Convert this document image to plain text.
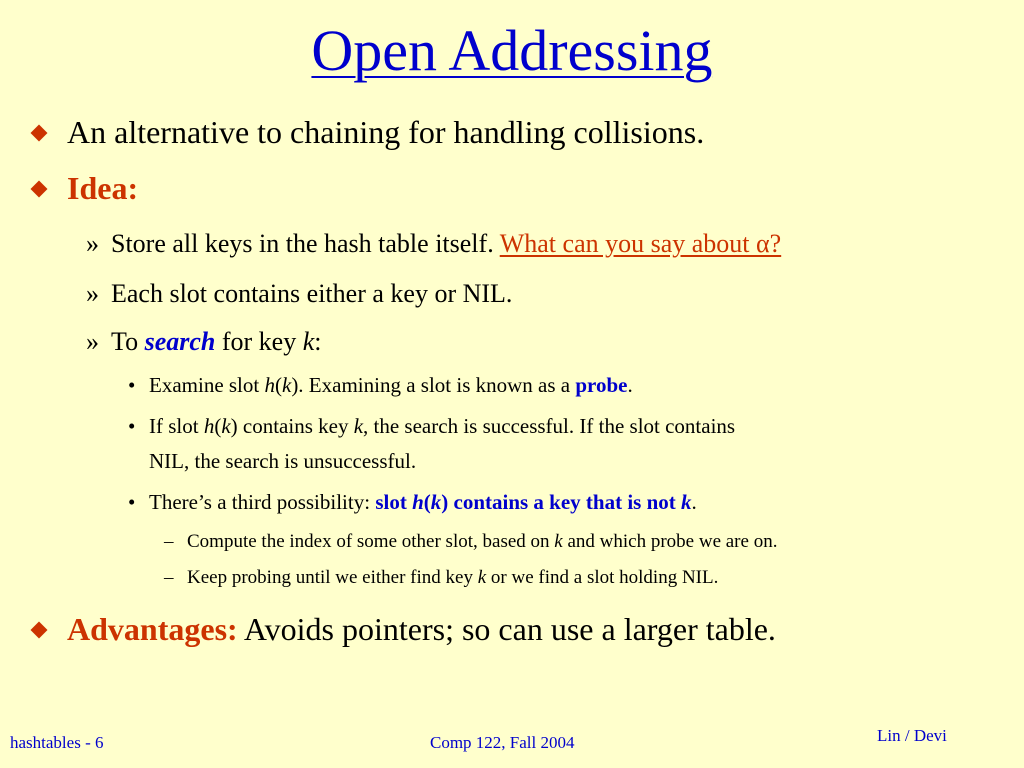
Open Addressing
An alternative to chaining for handling collisions.
Idea:
» Store all keys in the hash table itself. What can you say about α?
» Each slot contains either a key or NIL.
» To search for key k:
• Examine slot h(k). Examining a slot is known as a probe.
• If slot h(k) contains key k, the search is successful. If the slot contains
NIL, the search is unsuccessful.
• There’s a third possibility: slot h(k) contains a key that is not k.
– Compute the index of some other slot, based on k and which probe we are on.
– Keep probing until we either find key k or we find a slot holding NIL.
Advantages: Avoids pointers; so can use a larger table.
hashtables - 6	Comp 122, Fall 2004	Lin / Devi
